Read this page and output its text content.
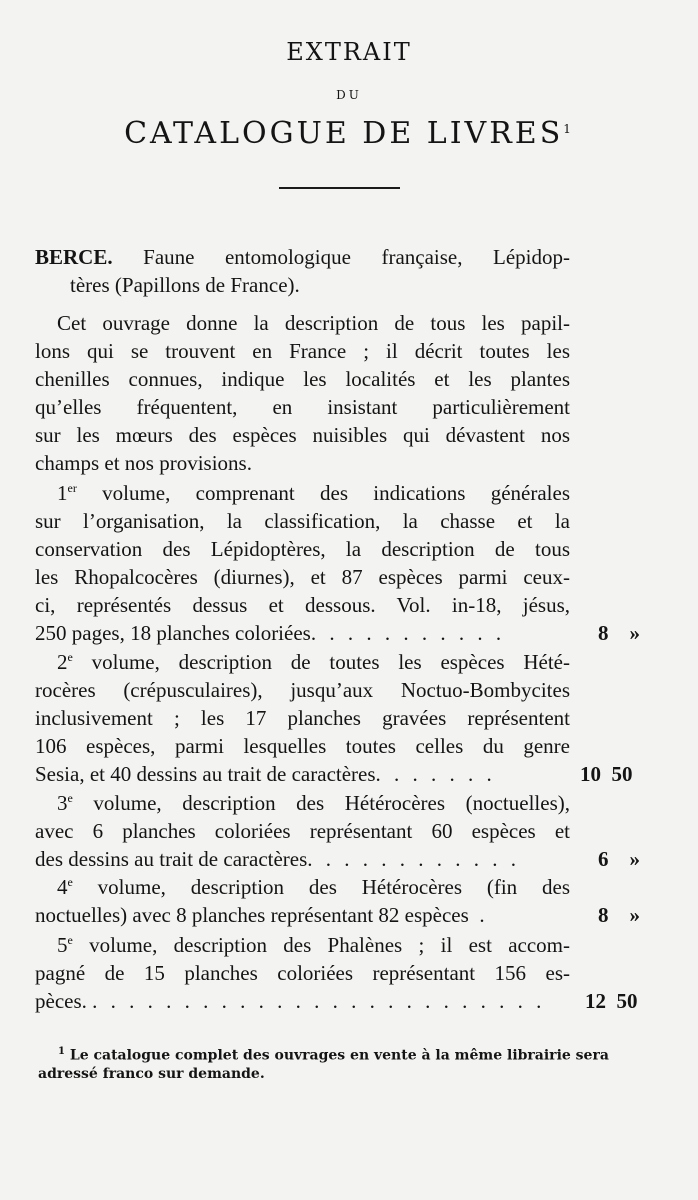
EXTRAIT
DU
CATALOGUE DE LIVRES$^1$
BERCE. Faune entomologique française, Lépidop-
tères (Papillons de France).
Cet ouvrage donne la description de tous les papil-
lons qui se trouvent en France ; il décrit toutes les
chenilles connues, indique les localités et les plantes
qu’elles fréquentent, en insistant particulièrement
sur les mœurs des espèces nuisibles qui dévastent nos
champs et nos provisions.
1er volume, comprenant des indications générales
sur l’organisation, la classification, la chasse et la
conservation des Lépidoptères, la description de tous
les Rhopalcocères (diurnes), et 87 espèces parmi ceux-
ci, représentés dessus et dessous. Vol. in-18, jésus,
250 pages, 18 planches coloriées. . . . . . . . . . .	8 »
2e volume, description de toutes les espèces Hété-
rocères (crépusculaires), jusqu’aux Noctuo-Bombycites
inclusivement ; les 17 planches gravées représentent
106 espèces, parmi lesquelles toutes celles du genre
Sesia, et 40 dessins au trait de caractères. . . . . . .	10 50
3e volume, description des Hétérocères (noctuelles),
avec 6 planches coloriées représentant 60 espèces et
des dessins au trait de caractères. . . . . . . . . . . .	6 »
4e volume, description des Hétérocères (fin des
noctuelles) avec 8 planches représentant 82 espèces .	8 »
5e volume, description des Phalènes ; il est accom-
pagné de 15 planches coloriées représentant 156 es-
pèces. . . . . . . . . . . . . . . . . . . . . . . . . . 12 50
$^1$ Le catalogue complet des ouvrages en vente à la même librairie sera
adressé franco sur demande.
